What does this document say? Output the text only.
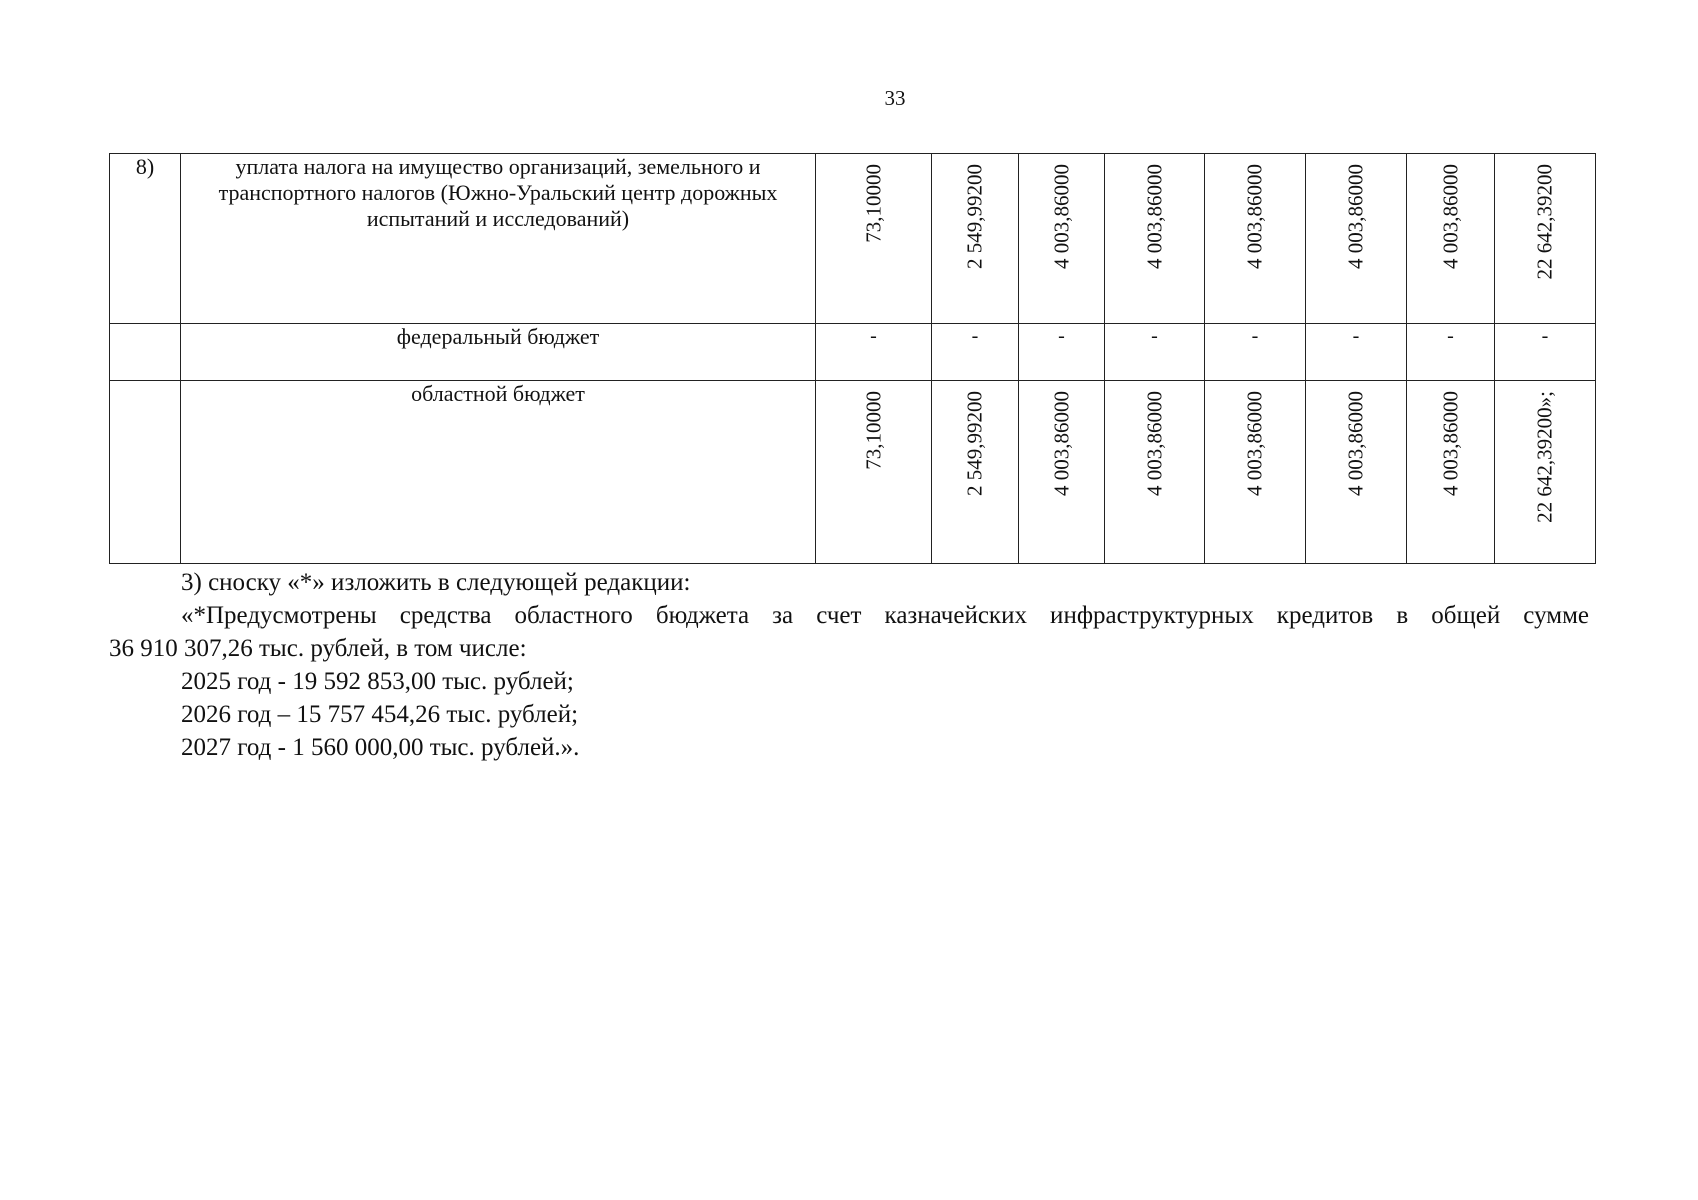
33
8)	уплата налога на имущество организаций, земельного и транспортного налогов (Южно-Уральский центр дорожных испытаний и исследований)	73,10000	2 549,99200	4 003,86000	4 003,86000	4 003,86000	4 003,86000	4 003,86000	22 642,39200

	федеральный бюджет	-	-	-	-	-	-	-	-

	областной бюджет	73,10000	2 549,99200	4 003,86000	4 003,86000	4 003,86000	4 003,86000	4 003,86000	22 642,39200»;

3) сноску «*» изложить в следующей редакции:

«*Предусмотрены средства областного бюджета за счет казначейских инфраструктурных кредитов в общей сумме

36 910 307,26 тыс. рублей, в том числе:

2025 год - 19 592 853,00 тыс. рублей;

2026 год – 15 757 454,26 тыс. рублей;

2027 год - 1 560 000,00 тыс. рублей.».
